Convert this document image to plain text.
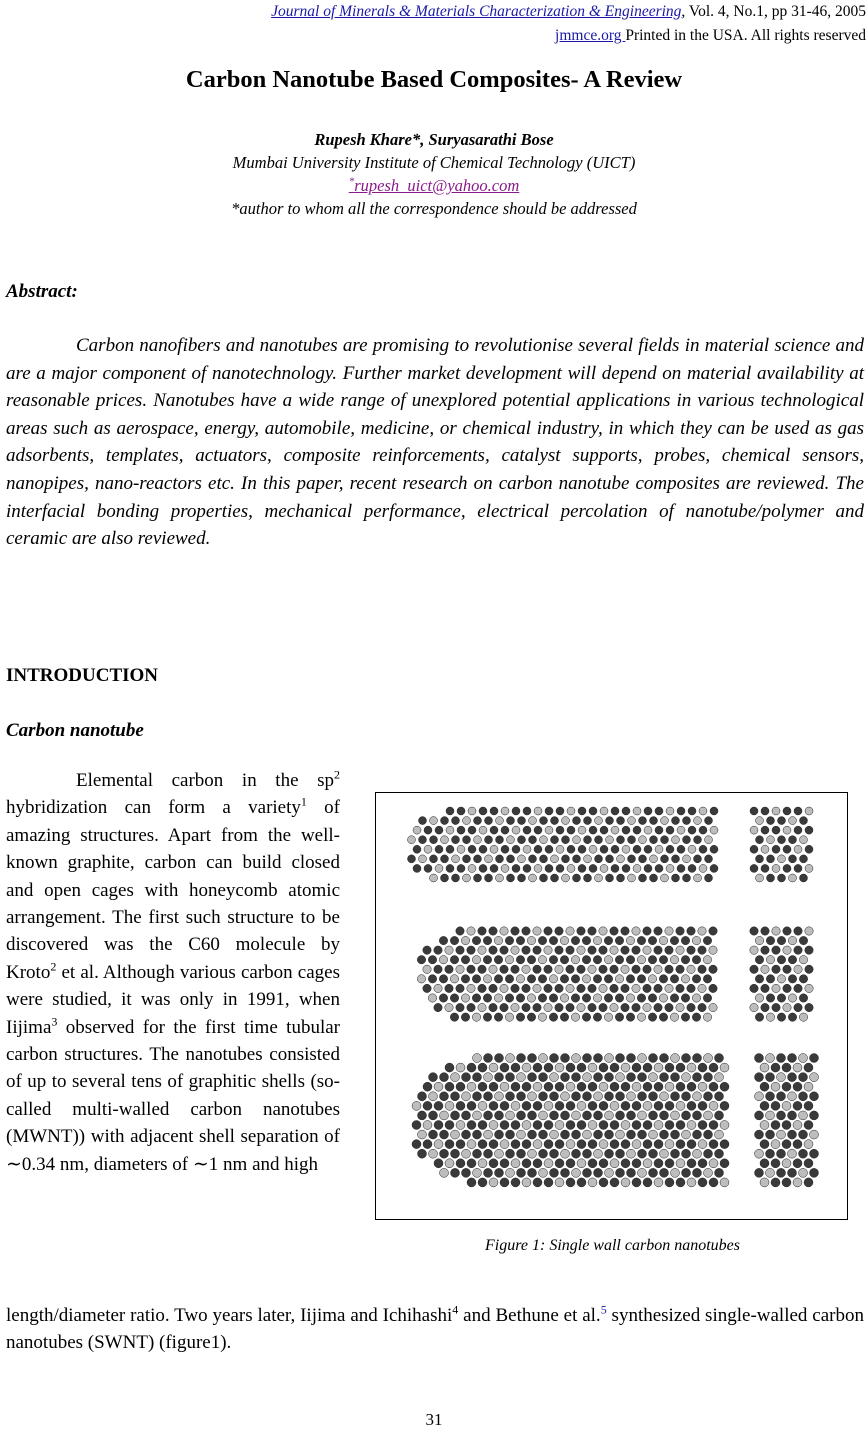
Journal of Minerals & Materials Characterization & Engineering, Vol. 4, No.1, pp 31-46, 2005
jmmce.org Printed in the USA. All rights reserved
Carbon Nanotube Based Composites- A Review
Rupesh Khare*, Suryasarathi Bose
Mumbai University Institute of Chemical Technology (UICT)
*rupesh_uict@yahoo.com
*author to whom all the correspondence should be addressed
Abstract:
Carbon nanofibers and nanotubes are promising to revolutionise several fields in material science and are a major component of nanotechnology. Further market development will depend on material availability at reasonable prices. Nanotubes have a wide range of unexplored potential applications in various technological areas such as aerospace, energy, automobile, medicine, or chemical industry, in which they can be used as gas adsorbents, templates, actuators, composite reinforcements, catalyst supports, probes, chemical sensors, nanopipes, nano-reactors etc. In this paper, recent research on carbon nanotube composites are reviewed. The interfacial bonding properties, mechanical performance, electrical percolation of nanotube/polymer and ceramic are also reviewed.
INTRODUCTION
Carbon nanotube
Elemental carbon in the $sp^2$ hybridization can form a variety$^1$ of amazing structures. Apart from the well-known graphite, carbon can build closed and open cages with honeycomb atomic arrangement. The first such structure to be discovered was the C60 molecule by Kroto$^2$ et al. Although various carbon cages were studied, it was only in 1991, when Iijima$^3$ observed for the first time tubular carbon structures. The nanotubes consisted of up to several tens of graphitic shells (so-called multi-walled carbon nanotubes (MWNT)) with adjacent shell separation of ∼0.34 nm, diameters of ∼1 nm and high
length/diameter ratio. Two years later, Iijima and Ichihashi$^4$ and Bethune et al.$^5$ synthesized single-walled carbon nanotubes (SWNT) (figure1).
Figure 1: Single wall carbon nanotubes
31
